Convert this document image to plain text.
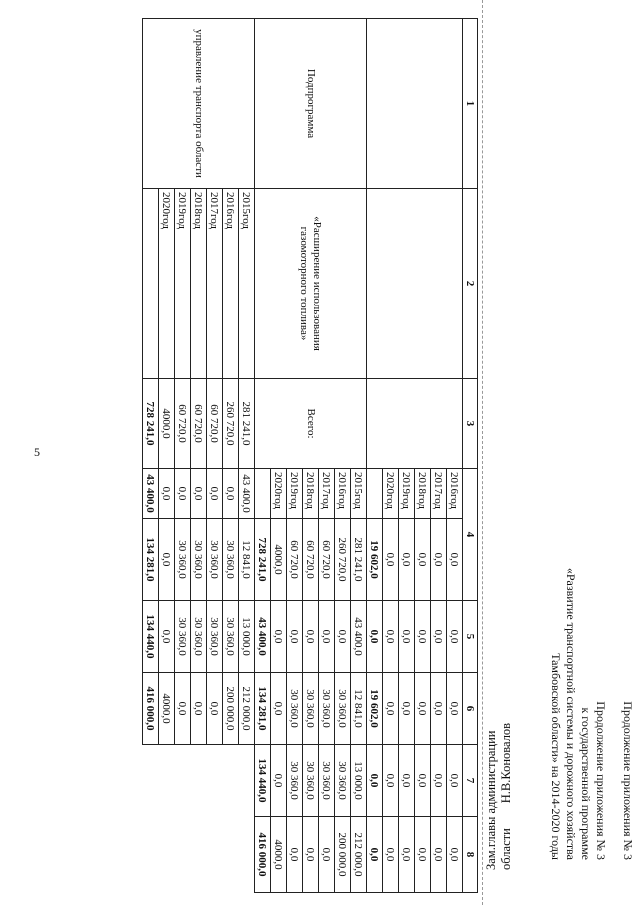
5
Продолжение приложения № 3
Продолжение приложения № 3
к государственной программе
«Развитие транспортной системы и дорожного хозяйства
Тамбовской области» на 2014-2020 годы
1	2	3	4		5	6	7	8
			2016год	0,0	0,0	0,0	0,0	0,0
			2017год	0,0	0,0	0,0	0,0	0,0
			2018год	0,0	0,0	0,0	0,0	0,0
			2019год	0,0	0,0	0,0	0,0	0,0
			2020год	0,0	0,0	0,0	0,0	0,0
				19 602,0	0,0	19 602,0	0,0	0,0
Подпрограмма	«Расширение использования газомоторного топлива»	Всего:	2015год	281 241,0	43 400,0	12 841,0	13 000,0	212 000,0
			2016год	260 720,0	0,0	30 360,0	30 360,0	200 000,0
			2017год	60 720,0	0,0	30 360,0	30 360,0	0,0
			2018год	60 720,0	0,0	30 360,0	30 360,0	0,0
			2019год	60 720,0	0,0	30 360,0	30 360,0	0,0
			2020год	4000,0	0,0	0,0	0,0	4000,0
				728 241,0	43 400,0	134 281,0	134 440,0	416 000,0
управление транспорта области	2015год	281 241,0	43 400,0	12 841,0	13 000,0	212 000,0		
	2016год	260 720,0	0,0	30 360,0	30 360,0	200 000,0		
	2017год	60 720,0	0,0	30 360,0	30 360,0	0,0		
	2018год	60 720,0	0,0	30 360,0	30 360,0	0,0		
	2019год	60 720,0	0,0	30 360,0	30 360,0	0,0		
	2020год	4000,0	0,0	0,0	0,0	4000,0		
		728 241,0	43 400,0	134 281,0	134 440,0	416 000,0		
Зам.главы администрации области        Н.В.Коновалов
